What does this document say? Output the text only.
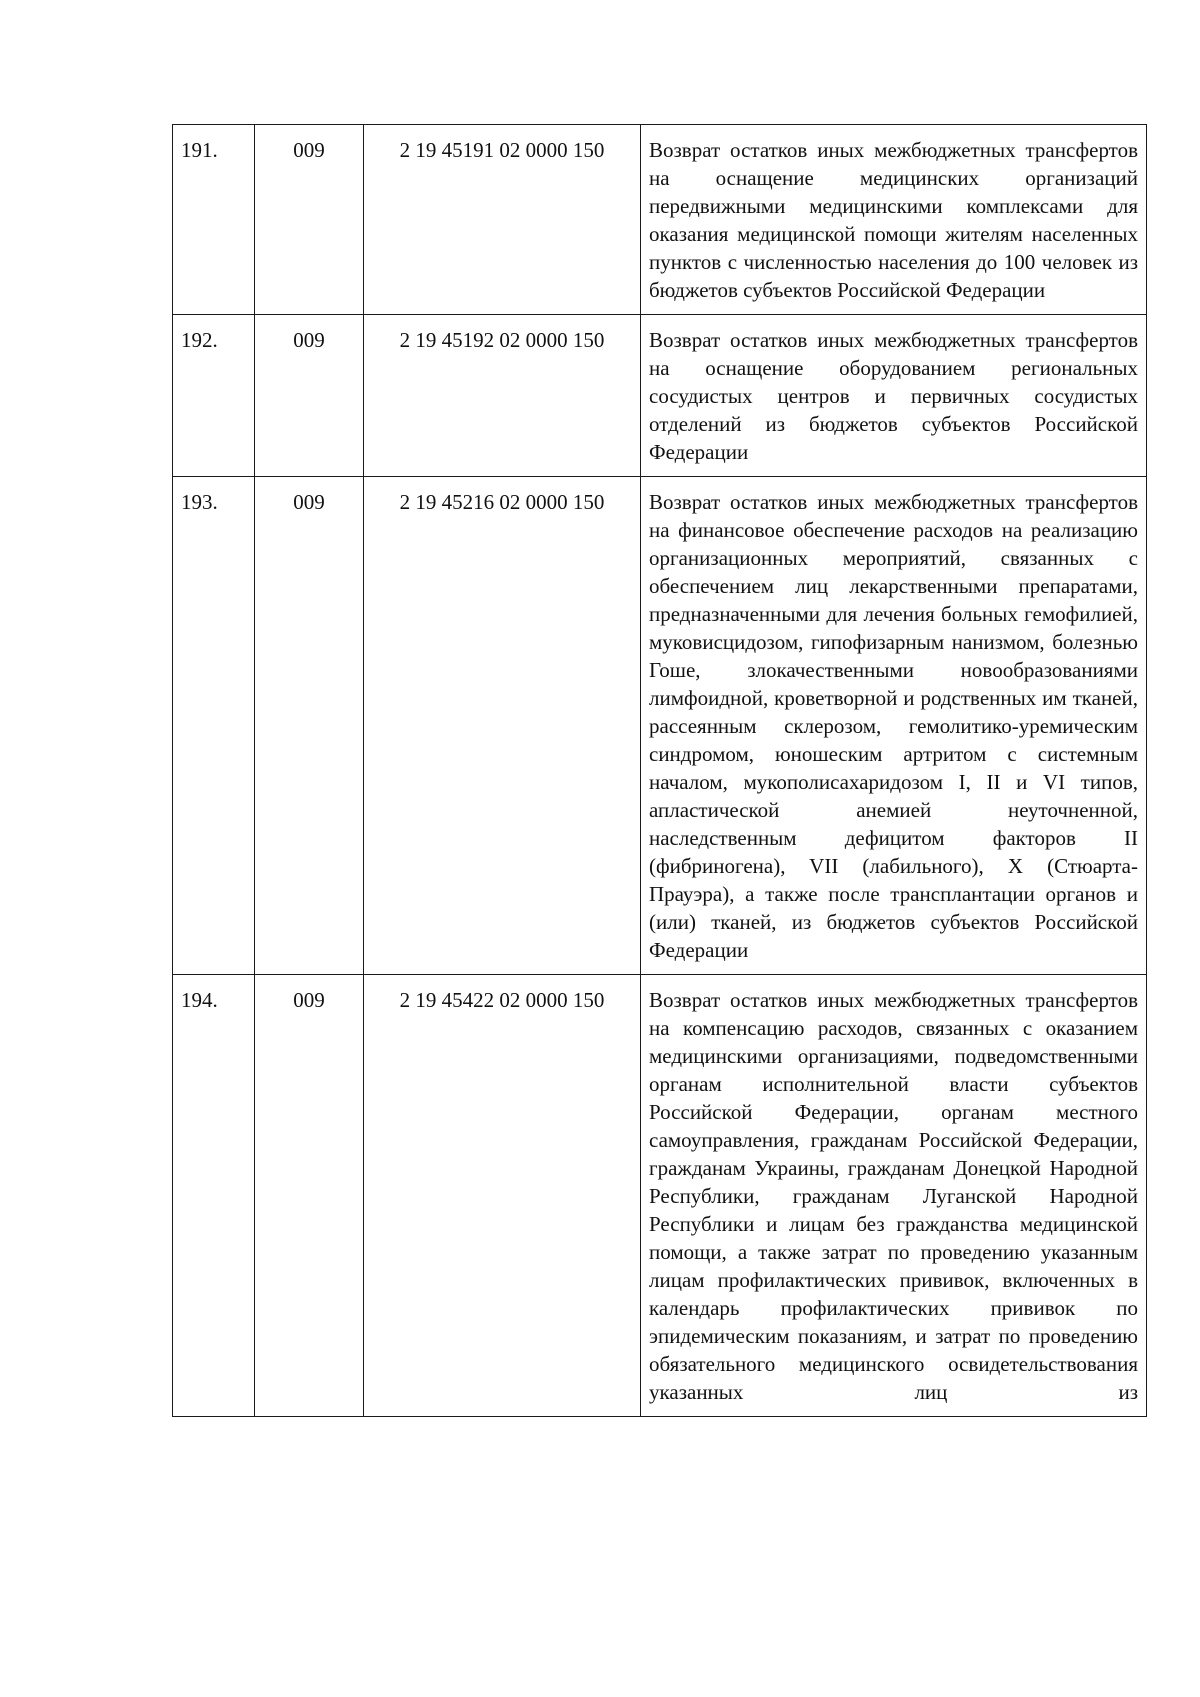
191.	009	2 19 45191 02 0000 150	Возврат остатков иных межбюджетных трансфертов на оснащение медицинских организаций передвижными медицинскими комплексами для оказания медицинской помощи жителям населенных пунктов с численностью населения до 100 человек из бюджетов субъектов Российской Федерации
192.	009	2 19 45192 02 0000 150	Возврат остатков иных межбюджетных трансфертов на оснащение оборудованием региональных сосудистых центров и первичных сосудистых отделений из бюджетов субъектов Российской Федерации
193.	009	2 19 45216 02 0000 150	Возврат остатков иных межбюджетных трансфертов на финансовое обеспечение расходов на реализацию организационных мероприятий, связанных с обеспечением лиц лекарственными препаратами, предназначенными для лечения больных гемофилией, муковисцидозом, гипофизарным нанизмом, болезнью Гоше, злокачественными новообразованиями лимфоидной, кроветворной и родственных им тканей, рассеянным склерозом, гемолитико-уремическим синдромом, юношеским артритом с системным началом, мукополисахаридозом I, II и VI типов, апластической анемией неуточненной, наследственным дефицитом факторов II (фибриногена), VII (лабильного), X (Стюарта-Прауэра), а также после трансплантации органов и (или) тканей, из бюджетов субъектов Российской Федерации
194.	009	2 19 45422 02 0000 150	Возврат остатков иных межбюджетных трансфертов на компенсацию расходов, связанных с оказанием медицинскими организациями, подведомственными органам исполнительной власти субъектов Российской Федерации, органам местного самоуправления, гражданам Российской Федерации, гражданам Украины, гражданам Донецкой Народной Республики, гражданам Луганской Народной Республики и лицам без гражданства медицинской помощи, а также затрат по проведению указанным лицам профилактических прививок, включенных в календарь профилактических прививок по эпидемическим показаниям, и затрат по проведению обязательного медицинского освидетельствования указанных лиц из
